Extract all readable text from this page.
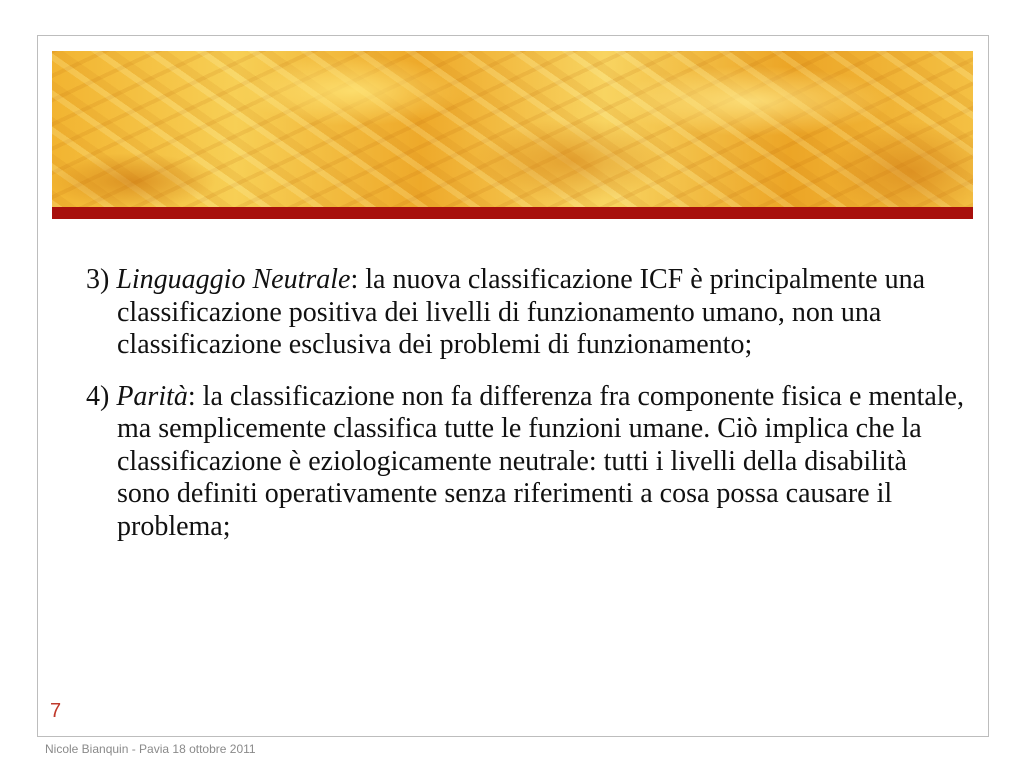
3) Linguaggio Neutrale: la nuova classificazione ICF è principalmente una classificazione positiva dei livelli di funzionamento umano, non una classificazione esclusiva dei problemi di funzionamento;

4) Parità: la classificazione non fa differenza fra componente fisica e mentale, ma semplicemente classifica tutte le funzioni umane. Ciò implica che la classificazione è eziologicamente neutrale: tutti i livelli della disabilità sono definiti operativamente senza riferimenti a cosa possa causare il problema;

7
Nicole Bianquin - Pavia 18 ottobre 2011
